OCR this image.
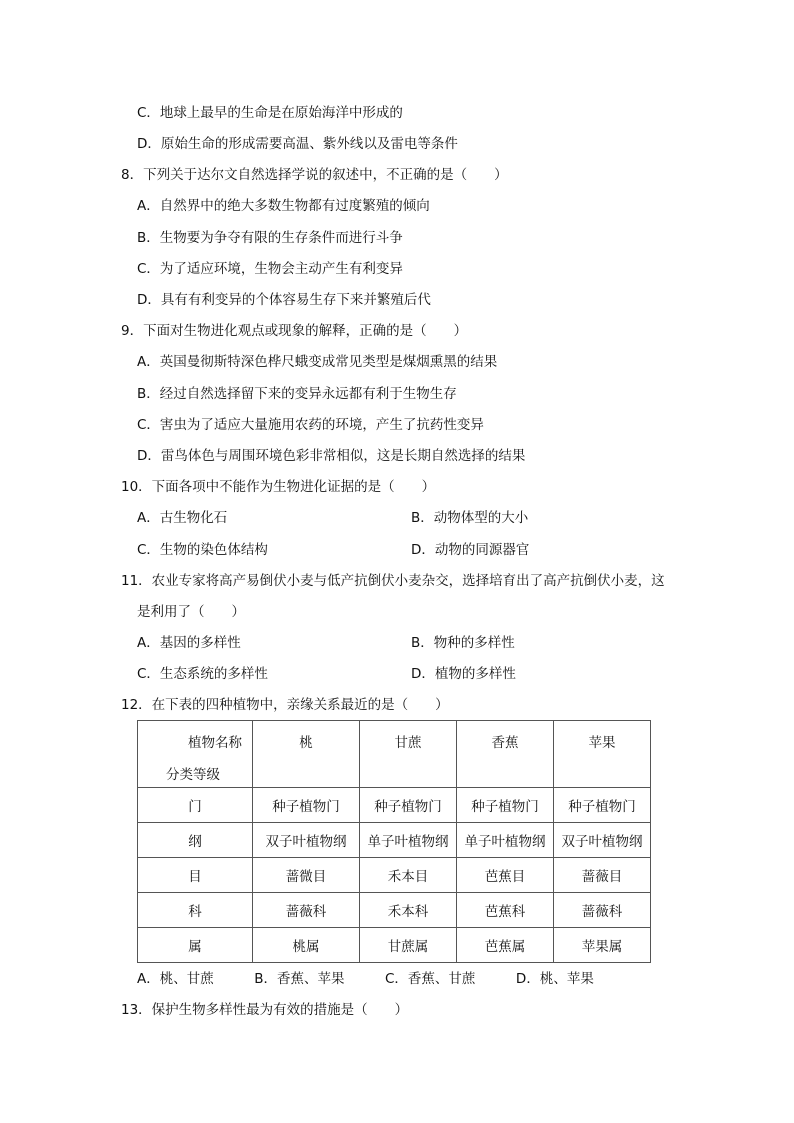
C．地球上最早的生命是在原始海洋中形成的
D．原始生命的形成需要高温、紫外线以及雷电等条件
8．下列关于达尔文自然选择学说的叙述中，不正确的是（　　）
A．自然界中的绝大多数生物都有过度繁殖的倾向
B．生物要为争夺有限的生存条件而进行斗争
C．为了适应环境，生物会主动产生有利变异
D．具有有利变异的个体容易生存下来并繁殖后代
9．下面对生物进化观点或现象的解释，正确的是（　　）
A．英国曼彻斯特深色桦尺蛾变成常见类型是煤烟熏黑的结果
B．经过自然选择留下来的变异永远都有利于生物生存
C．害虫为了适应大量施用农药的环境，产生了抗药性变异
D．雷鸟体色与周围环境色彩非常相似，这是长期自然选择的结果
10．下面各项中不能作为生物进化证据的是（　　）
A．古生物化石	B．动物体型的大小
C．生物的染色体结构	D．动物的同源器官
11．农业专家将高产易倒伏小麦与低产抗倒伏小麦杂交，选择培育出了高产抗倒伏小麦，这
是利用了（　　）
A．基因的多样性	B．物种的多样性
C．生态系统的多样性	D．植物的多样性
12．在下表的四种植物中，亲缘关系最近的是（　　）
植物名称
分类等级	桃	甘蔗	香蕉	苹果

门	种子植物门	种子植物门	种子植物门	种子植物门
纲	双子叶植物纲	单子叶植物纲	单子叶植物纲	双子叶植物纲
目	蔷微目	禾本目	芭蕉目	蔷薇目
科	蔷薇科	禾本科	芭蕉科	蔷薇科
属	桃属	甘蔗属	芭蕉属	苹果属
A．桃、甘蔗　　　B．香蕉、苹果　　　C．香蕉、甘蔗　　　D．桃、苹果
13．保护生物多样性最为有效的措施是（　　）
